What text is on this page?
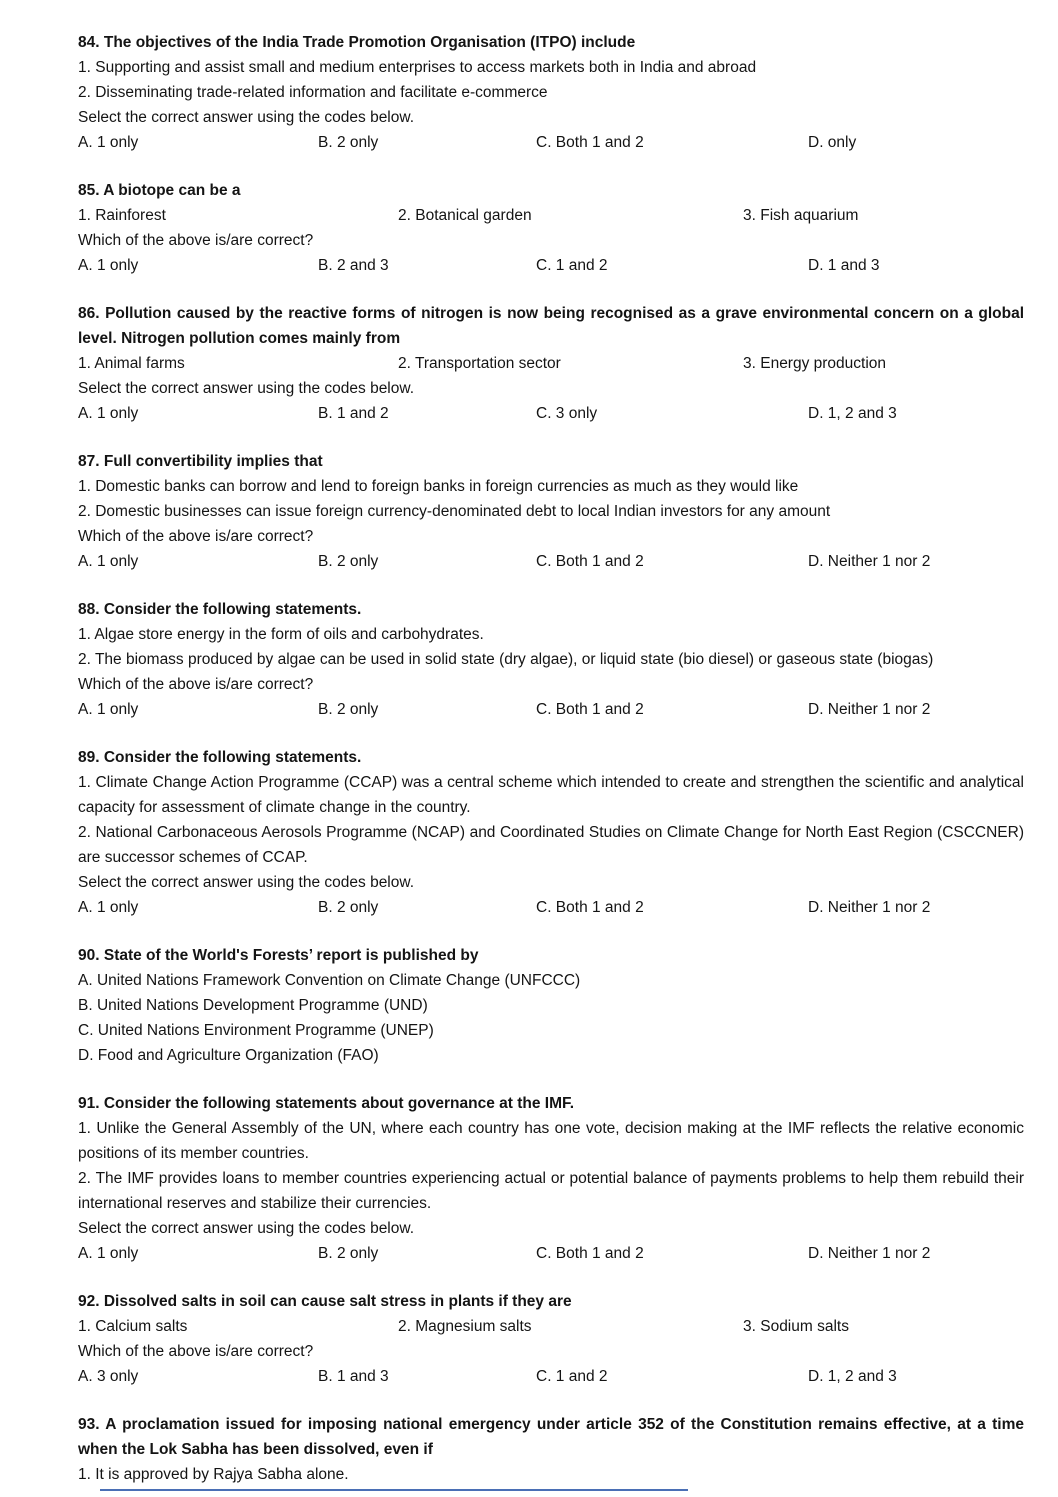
84. The objectives of the India Trade Promotion Organisation (ITPO) include

1. Supporting and assist small and medium enterprises to access markets both in India and abroad

2. Disseminating trade-related information and facilitate e-commerce

Select the correct answer using the codes below.

A. 1 only	B. 2 only	C. Both 1 and 2	D. only

85. A biotope can be a

1. Rainforest	2. Botanical garden	3. Fish aquarium

Which of the above is/are correct?

A. 1 only	B. 2 and 3	C. 1 and 2	D. 1 and 3

86. Pollution caused by the reactive forms of nitrogen is now being recognised as a grave environmental concern on a global level. Nitrogen pollution comes mainly from

1. Animal farms	2. Transportation sector	3. Energy production

Select the correct answer using the codes below.

A. 1 only	B. 1 and 2	C. 3 only	D. 1, 2 and 3

87. Full convertibility implies that

1. Domestic banks can borrow and lend to foreign banks in foreign currencies as much as they would like

2. Domestic businesses can issue foreign currency-denominated debt to local Indian investors for any amount

Which of the above is/are correct?

A. 1 only	B. 2 only	C. Both 1 and 2	D. Neither 1 nor 2

88. Consider the following statements.

1. Algae store energy in the form of oils and carbohydrates.

2. The biomass produced by algae can be used in solid state (dry algae), or liquid state (bio diesel) or gaseous state (biogas)

Which of the above is/are correct?

A. 1 only	B. 2 only	C. Both 1 and 2	D. Neither 1 nor 2

89. Consider the following statements.

1. Climate Change Action Programme (CCAP) was a central scheme which intended to create and strengthen the scientific and analytical capacity for assessment of climate change in the country.

2. National Carbonaceous Aerosols Programme (NCAP) and Coordinated Studies on Climate Change for North East Region (CSCCNER) are successor schemes of CCAP.

Select the correct answer using the codes below.

A. 1 only	B. 2 only	C. Both 1 and 2	D. Neither 1 nor 2

90. State of the World's Forests’ report is published by

A. United Nations Framework Convention on Climate Change (UNFCCC)

B. United Nations Development Programme (UND)

C. United Nations Environment Programme (UNEP)

D. Food and Agriculture Organization (FAO)

91. Consider the following statements about governance at the IMF.

1. Unlike the General Assembly of the UN, where each country has one vote, decision making at the IMF reflects the relative economic positions of its member countries.

2. The IMF provides loans to member countries experiencing actual or potential balance of payments problems to help them rebuild their international reserves and stabilize their currencies.

Select the correct answer using the codes below.

A. 1 only	B. 2 only	C. Both 1 and 2	D. Neither 1 nor 2

92. Dissolved salts in soil can cause salt stress in plants if they are

1. Calcium salts	2. Magnesium salts	3. Sodium salts

Which of the above is/are correct?

A. 3 only	B. 1 and 3	C. 1 and 2	D. 1, 2 and 3

93. A proclamation issued for imposing national emergency under article 352 of the Constitution remains effective, at a time when the Lok Sabha has been dissolved, even if

1. It is approved by Rajya Sabha alone.
